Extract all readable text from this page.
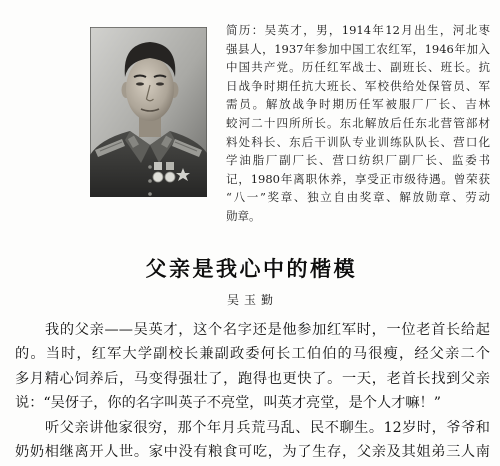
简历：吴英才，男，1914年12月出生，河北枣
强县人，1937年参加中国工农红军，1946年加入
中国共产党。历任红军战士、副班长、班长。抗
日战争时期任抗大班长、军校供给处保管员、军
需员。解放战争时期历任军被服厂厂长、吉林
蛟河二十四所所长。东北解放后任东北营管部材
料处科长、东后干训队专业训练队队长、营口化
学油脂厂副厂长、营口纺织厂副厂长、监委书
记，1980年离职休养，享受正市级待遇。曾荣获
“八一”奖章、独立自由奖章、解放勋章、劳动
勋章。
父亲是我心中的楷模
吴玉勤
我的父亲——吴英才，这个名字还是他参加红军时，一位老首长给起
的。当时，红军大学副校长兼副政委何长工伯伯的马很瘦，经父亲二个
多月精心饲养后，马变得强壮了，跑得也更快了。一天，老首长找到父亲
说：“吴伢子，你的名字叫英子不亮堂，叫英才亮堂，是个人才嘛！”
听父亲讲他家很穷，那个年月兵荒马乱、民不聊生。12岁时，爷爷和
奶奶相继离开人世。家中没有粮食可吃，为了生存，父亲及其姐弟三人南
